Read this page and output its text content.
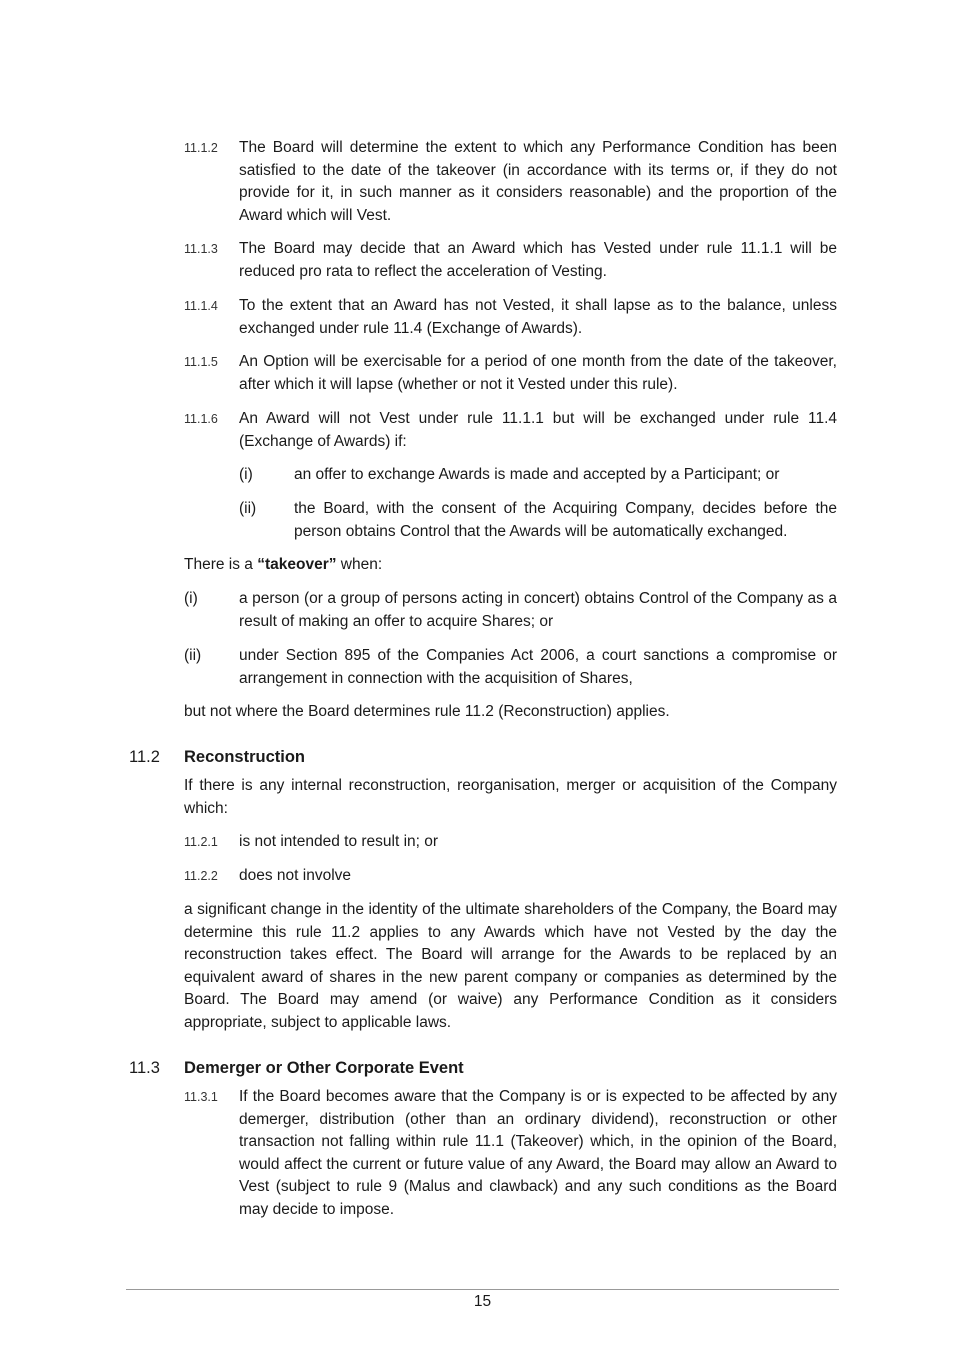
11.1.2 The Board will determine the extent to which any Performance Condition has been satisfied to the date of the takeover (in accordance with its terms or, if they do not provide for it, in such manner as it considers reasonable) and the proportion of the Award which will Vest.
11.1.3 The Board may decide that an Award which has Vested under rule 11.1.1 will be reduced pro rata to reflect the acceleration of Vesting.
11.1.4 To the extent that an Award has not Vested, it shall lapse as to the balance, unless exchanged under rule 11.4 (Exchange of Awards).
11.1.5 An Option will be exercisable for a period of one month from the date of the takeover, after which it will lapse (whether or not it Vested under this rule).
11.1.6 An Award will not Vest under rule 11.1.1 but will be exchanged under rule 11.4 (Exchange of Awards) if:
(i)	an offer to exchange Awards is made and accepted by a Participant; or
(ii) the Board, with the consent of the Acquiring Company, decides before the person obtains Control that the Awards will be automatically exchanged.
There is a “takeover” when:
(i)	a person (or a group of persons acting in concert) obtains Control of the Company as a result of making an offer to acquire Shares; or
(ii) under Section 895 of the Companies Act 2006, a court sanctions a compromise or arrangement in connection with the acquisition of Shares,
but not where the Board determines rule 11.2 (Reconstruction) applies.
11.2 Reconstruction
If there is any internal reconstruction, reorganisation, merger or acquisition of the Company which:
11.2.1 is not intended to result in; or
11.2.2 does not involve
a significant change in the identity of the ultimate shareholders of the Company, the Board may determine this rule 11.2 applies to any Awards which have not Vested by the day the reconstruction takes effect. The Board will arrange for the Awards to be replaced by an equivalent award of shares in the new parent company or companies as determined by the Board. The Board may amend (or waive) any Performance Condition as it considers appropriate, subject to applicable laws.
11.3 Demerger or Other Corporate Event
11.3.1 If the Board becomes aware that the Company is or is expected to be affected by any demerger, distribution (other than an ordinary dividend), reconstruction or other transaction not falling within rule 11.1 (Takeover) which, in the opinion of the Board, would affect the current or future value of any Award, the Board may allow an Award to Vest (subject to rule 9 (Malus and clawback) and any such conditions as the Board may decide to impose.
15
